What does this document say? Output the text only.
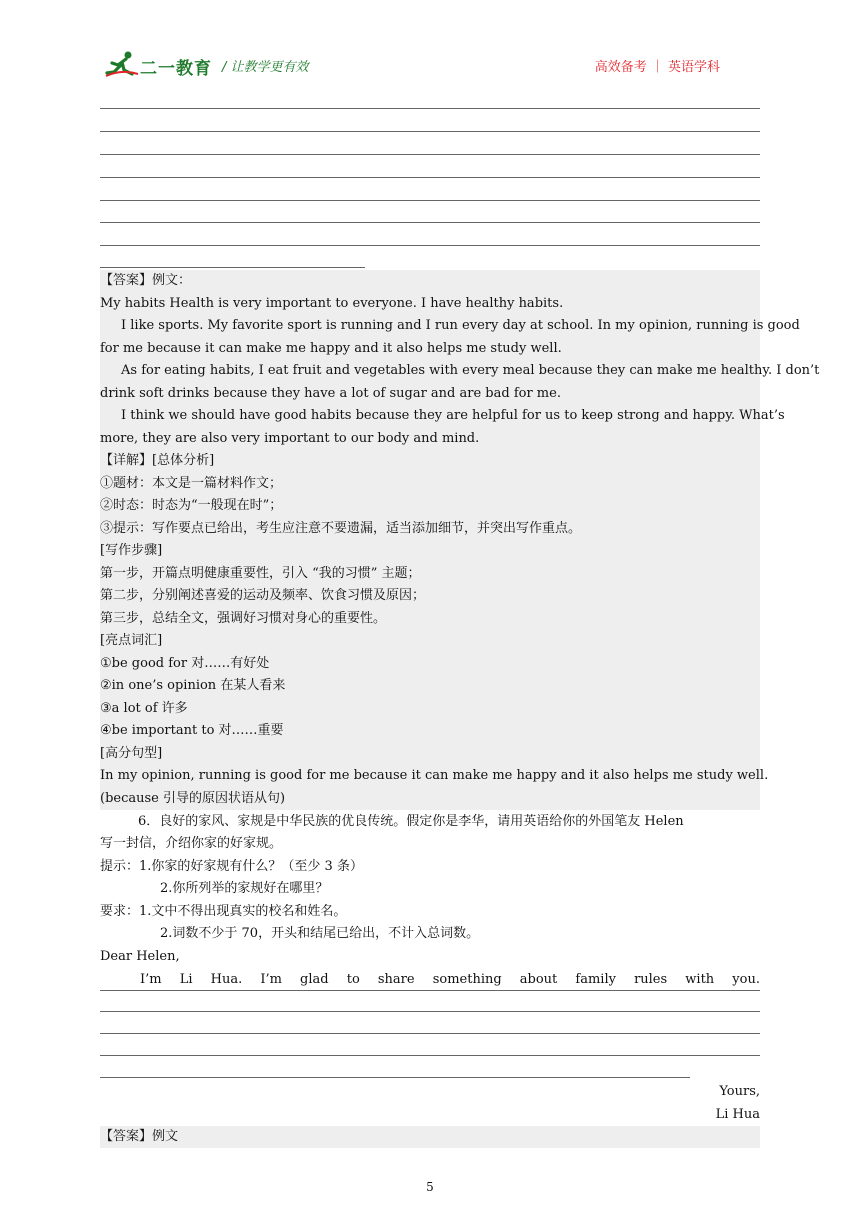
二一教育 / 让教学更有效	高效备考 ｜ 英语学科
【答案】例文：
My habits Health is very important to everyone. I have healthy habits.
I like sports. My favorite sport is running and I run every day at school. In my opinion, running is good
for me because it can make me happy and it also helps me study well.
As for eating habits, I eat fruit and vegetables with every meal because they can make me healthy. I don’t
drink soft drinks because they have a lot of sugar and are bad for me.
I think we should have good habits because they are helpful for us to keep strong and happy. What’s
more, they are also very important to our body and mind.
【详解】[总体分析]
①题材：本文是一篇材料作文；
②时态：时态为“一般现在时”；
③提示：写作要点已给出，考生应注意不要遗漏，适当添加细节，并突出写作重点。
[写作步骤]
第一步，开篇点明健康重要性，引入 “我的习惯” 主题；
第二步，分别阐述喜爱的运动及频率、饮食习惯及原因；
第三步，总结全文，强调好习惯对身心的重要性。
[亮点词汇]
①be good for 对……有好处
②in one’s opinion 在某人看来
③a lot of 许多
④be important to 对……重要
[高分句型]
In my opinion, running is good for me because it can make me happy and it also helps me study well.
(because 引导的原因状语从句)
6．良好的家风、家规是中华民族的优良传统。假定你是李华，请用英语给你的外国笔友 Helen
写一封信，介绍你家的好家规。
提示：1.你家的好家规有什么？（至少 3 条）
2.你所列举的家规好在哪里？
要求：1.文中不得出现真实的校名和姓名。
2.词数不少于 70，开头和结尾已给出，不计入总词数。
Dear Helen,
I’m Li Hua. I’m glad to share something about family rules with you.
Yours,
Li Hua
【答案】例文
5
